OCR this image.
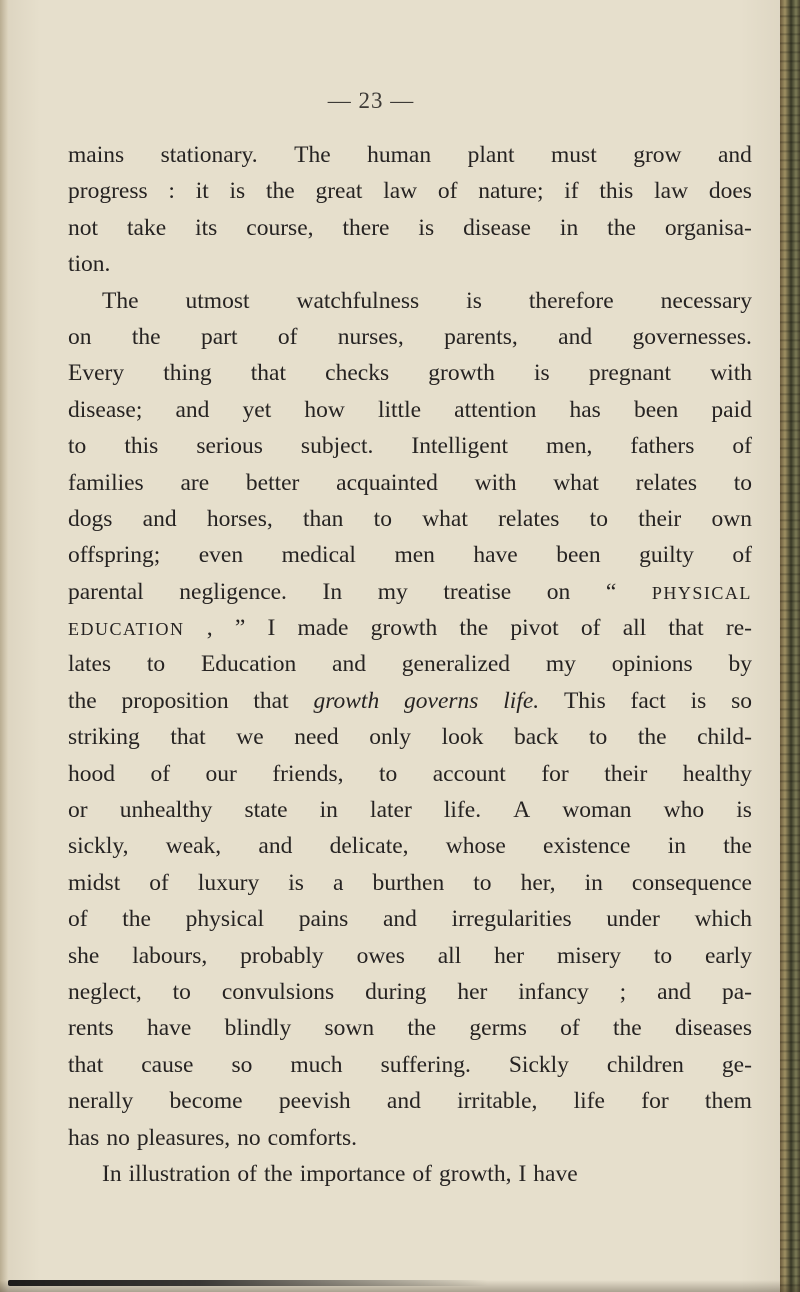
— 23 —
mains stationary. The human plant must grow and
progress : it is the great law of nature; if this law does
not take its course, there is disease in the organisa-
tion.
The utmost watchfulness is therefore necessary
on the part of nurses, parents, and governesses.
Every thing that checks growth is pregnant with
disease; and yet how little attention has been paid
to this serious subject. Intelligent men, fathers of
families are better acquainted with what relates to
dogs and horses, than to what relates to their own
offspring; even medical men have been guilty of
parental negligence. In my treatise on “ PHYSICAL
EDUCATION , ” I made growth the pivot of all that re-
lates to Education and generalized my opinions by
the proposition that growth governs life. This fact is so
striking that we need only look back to the child-
hood of our friends, to account for their healthy
or unhealthy state in later life. A woman who is
sickly, weak, and delicate, whose existence in the
midst of luxury is a burthen to her, in consequence
of the physical pains and irregularities under which
she labours, probably owes all her misery to early
neglect, to convulsions during her infancy ; and pa-
rents have blindly sown the germs of the diseases
that cause so much suffering. Sickly children ge-
nerally become peevish and irritable, life for them
has no pleasures, no comforts.
In illustration of the importance of growth, I have
